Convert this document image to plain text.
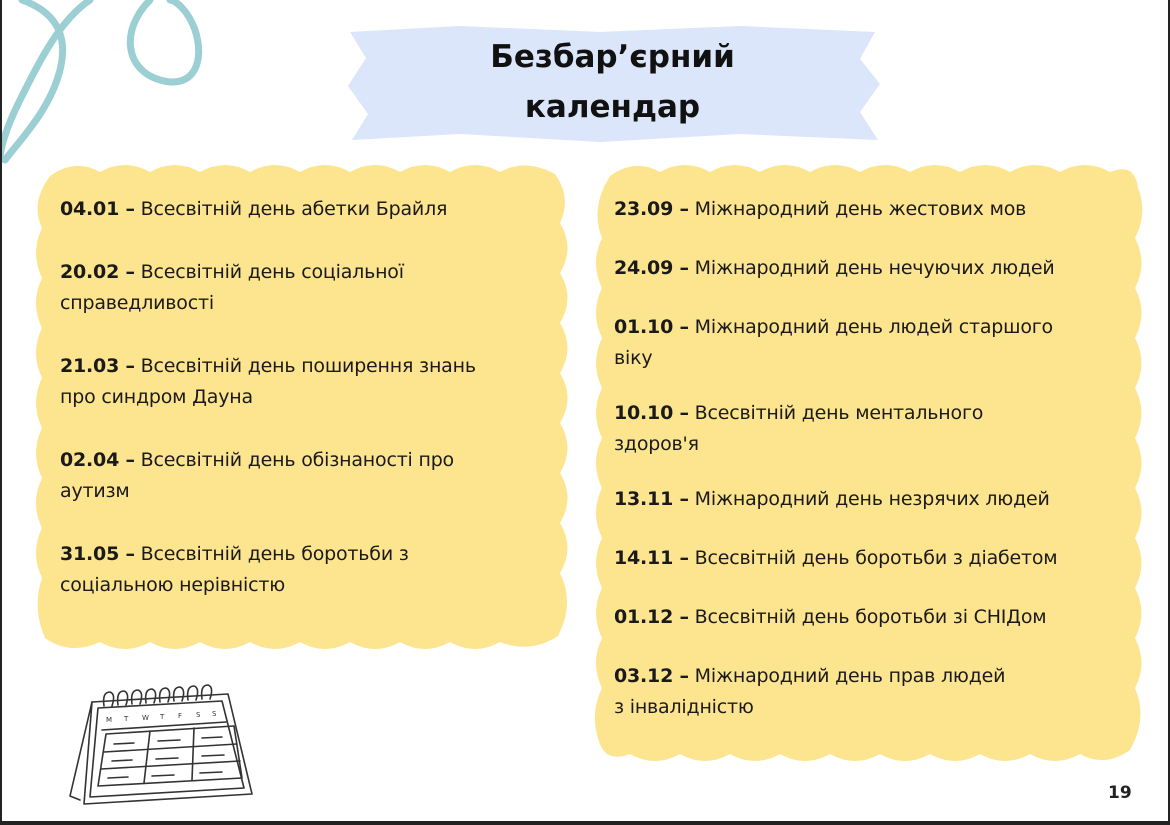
Безбар’єрний
календар
04.01 – Всесвітній день абетки Брайля
20.02 – Всесвітній день соціальної
справедливості
21.03 – Всесвітній день поширення знань
про синдром Дауна
02.04 – Всесвітній день обізнаності про
аутизм
31.05 – Всесвітній день боротьби з
соціальною нерівністю
23.09 – Міжнародний день жестових мов
24.09 – Міжнародний день нечуючих людей
01.10 – Міжнародний день людей старшого
віку
10.10 – Всесвітній день ментального
здоров'я
13.11 – Міжнародний день незрячих людей
14.11 – Всесвітній день боротьби з діабетом
01.12 – Всесвітній день боротьби зі СНІДом
03.12 – Міжнародний день прав людей
з інвалідністю
M T W T F S S
19
